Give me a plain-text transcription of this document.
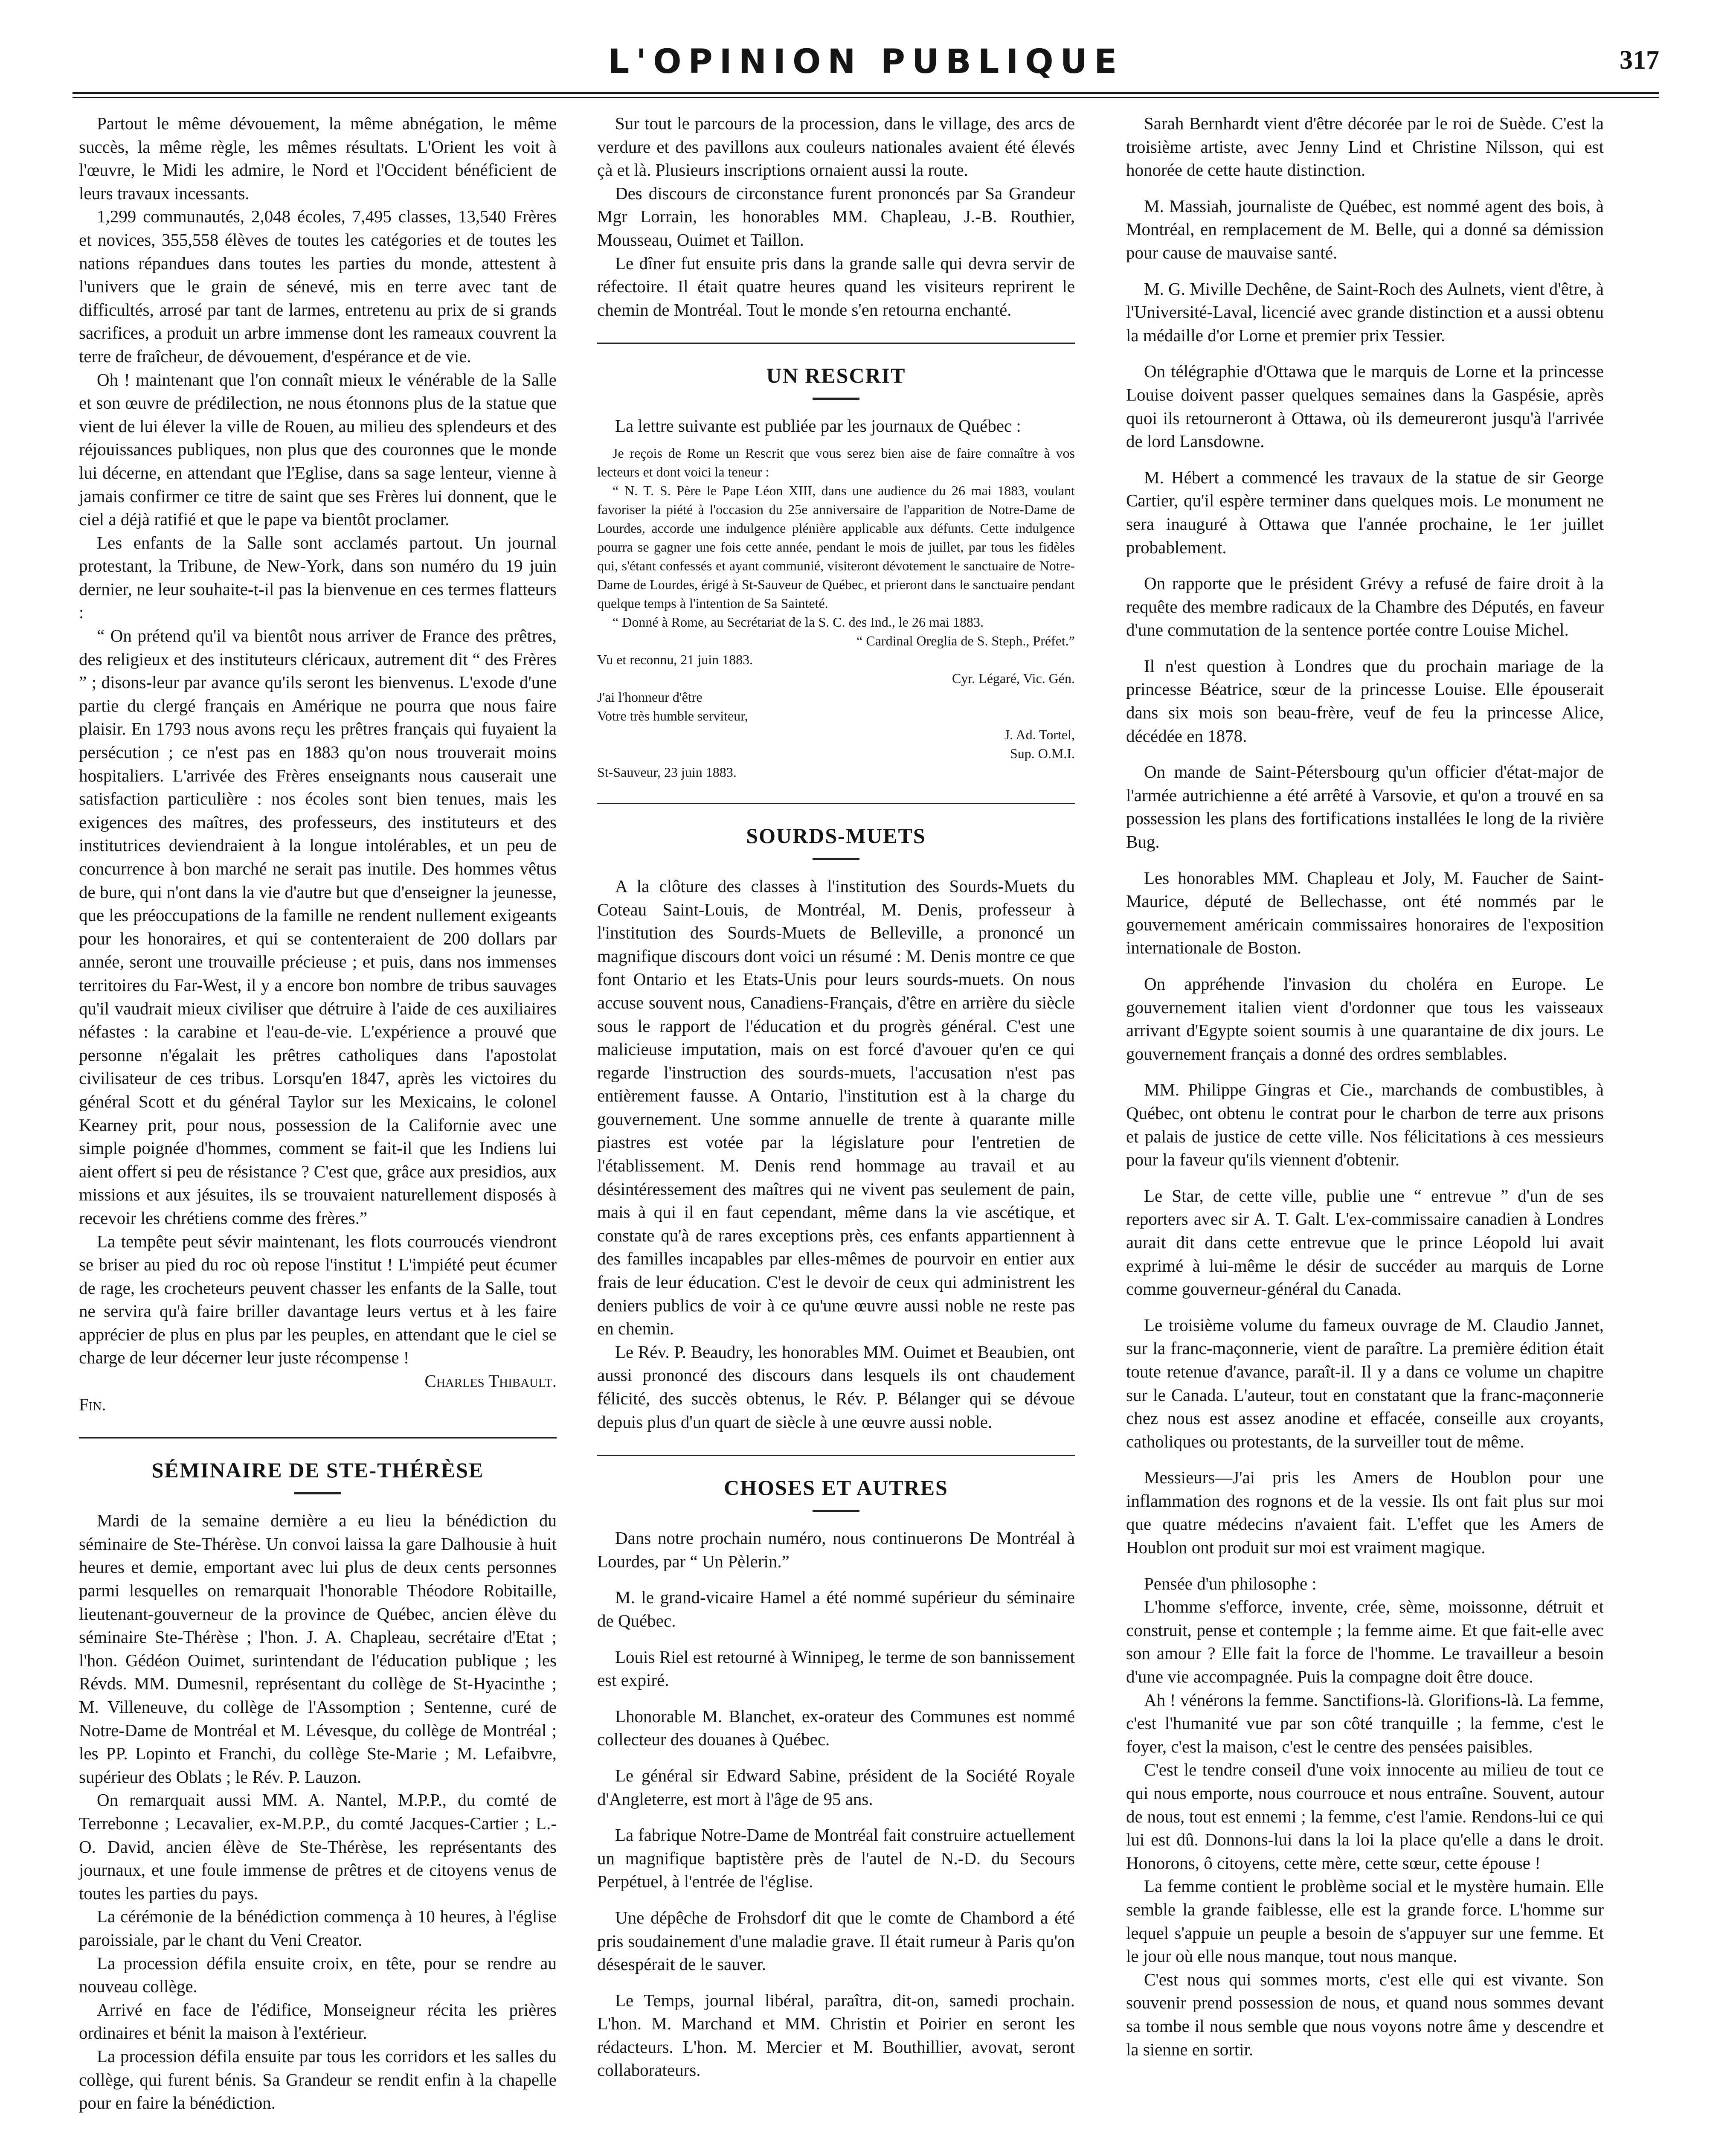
L'OPINION PUBLIQUE	317

Partout le même dévouement, la même abnégation, le même succès, la même règle, les mêmes résultats. L'Orient les voit à l'œuvre, le Midi les admire, le Nord et l'Occident bénéficient de leurs travaux incessants.

1,299 communautés, 2,048 écoles, 7,495 classes, 13,540 Frères et novices, 355,558 élèves de toutes les catégories et de toutes les nations répandues dans toutes les parties du monde, attestent à l'univers que le grain de sénevé, mis en terre avec tant de difficultés, arrosé par tant de larmes, entretenu au prix de si grands sacrifices, a produit un arbre immense dont les rameaux couvrent la terre de fraîcheur, de dévouement, d'espérance et de vie.

Oh ! maintenant que l'on connaît mieux le vénérable de la Salle et son œuvre de prédilection, ne nous étonnons plus de la statue que vient de lui élever la ville de Rouen, au milieu des splendeurs et des réjouissances publiques, non plus que des couronnes que le monde lui décerne, en attendant que l'Eglise, dans sa sage lenteur, vienne à jamais confirmer ce titre de saint que ses Frères lui donnent, que le ciel a déjà ratifié et que le pape va bientôt proclamer.

Les enfants de la Salle sont acclamés partout. Un journal protestant, la Tribune, de New-York, dans son numéro du 19 juin dernier, ne leur souhaite-t-il pas la bienvenue en ces termes flatteurs :

“ On prétend qu'il va bientôt nous arriver de France des prêtres, des religieux et des instituteurs cléricaux, autrement dit “ des Frères ” ; disons-leur par avance qu'ils seront les bienvenus. L'exode d'une partie du clergé français en Amérique ne pourra que nous faire plaisir. En 1793 nous avons reçu les prêtres français qui fuyaient la persécution ; ce n'est pas en 1883 qu'on nous trouverait moins hospitaliers. L'arrivée des Frères enseignants nous causerait une satisfaction particulière : nos écoles sont bien tenues, mais les exigences des maîtres, des professeurs, des instituteurs et des institutrices deviendraient à la longue intolérables, et un peu de concurrence à bon marché ne serait pas inutile. Des hommes vêtus de bure, qui n'ont dans la vie d'autre but que d'enseigner la jeunesse, que les préoccupations de la famille ne rendent nullement exigeants pour les honoraires, et qui se contenteraient de 200 dollars par année, seront une trouvaille précieuse ; et puis, dans nos immenses territoires du Far-West, il y a encore bon nombre de tribus sauvages qu'il vaudrait mieux civiliser que détruire à l'aide de ces auxiliaires néfastes : la carabine et l'eau-de-vie. L'expérience a prouvé que personne n'égalait les prêtres catholiques dans l'apostolat civilisateur de ces tribus. Lorsqu'en 1847, après les victoires du général Scott et du général Taylor sur les Mexicains, le colonel Kearney prit, pour nous, possession de la Californie avec une simple poignée d'hommes, comment se fait-il que les Indiens lui aient offert si peu de résistance ? C'est que, grâce aux presidios, aux missions et aux jésuites, ils se trouvaient naturellement disposés à recevoir les chrétiens comme des frères.”

La tempête peut sévir maintenant, les flots courroucés viendront se briser au pied du roc où repose l'institut ! L'impiété peut écumer de rage, les crocheteurs peuvent chasser les enfants de la Salle, tout ne servira qu'à faire briller davantage leurs vertus et à les faire apprécier de plus en plus par les peuples, en attendant que le ciel se charge de leur décerner leur juste récompense !

Charles Thibault.

Fin.

SÉMINAIRE DE STE-THÉRÈSE

Mardi de la semaine dernière a eu lieu la bénédiction du séminaire de Ste-Thérèse. Un convoi laissa la gare Dalhousie à huit heures et demie, emportant avec lui plus de deux cents personnes parmi lesquelles on remarquait l'honorable Théodore Robitaille, lieutenant-gouverneur de la province de Québec, ancien élève du séminaire Ste-Thérèse ; l'hon. J. A. Chapleau, secrétaire d'Etat ; l'hon. Gédéon Ouimet, surintendant de l'éducation publique ; les Révds. MM. Dumesnil, représentant du collège de St-Hyacinthe ; M. Villeneuve, du collège de l'Assomption ; Sentenne, curé de Notre-Dame de Montréal et M. Lévesque, du collège de Montréal ; les PP. Lopinto et Franchi, du collège Ste-Marie ; M. Lefaibvre, supérieur des Oblats ; le Rév. P. Lauzon.

On remarquait aussi MM. A. Nantel, M.P.P., du comté de Terrebonne ; Lecavalier, ex-M.P.P., du comté Jacques-Cartier ; L.-O. David, ancien élève de Ste-Thérèse, les représentants des journaux, et une foule immense de prêtres et de citoyens venus de toutes les parties du pays.

La cérémonie de la bénédiction commença à 10 heures, à l'église paroissiale, par le chant du Veni Creator.

La procession défila ensuite croix, en tête, pour se rendre au nouveau collège.

Arrivé en face de l'édifice, Monseigneur récita les prières ordinaires et bénit la maison à l'extérieur.

La procession défila ensuite par tous les corridors et les salles du collège, qui furent bénis. Sa Grandeur se rendit enfin à la chapelle pour en faire la bénédiction.

Sur tout le parcours de la procession, dans le village, des arcs de verdure et des pavillons aux couleurs nationales avaient été élevés çà et là. Plusieurs inscriptions ornaient aussi la route.

Des discours de circonstance furent prononcés par Sa Grandeur Mgr Lorrain, les honorables MM. Chapleau, J.-B. Routhier, Mousseau, Ouimet et Taillon.

Le dîner fut ensuite pris dans la grande salle qui devra servir de réfectoire. Il était quatre heures quand les visiteurs reprirent le chemin de Montréal. Tout le monde s'en retourna enchanté.

UN RESCRIT

La lettre suivante est publiée par les journaux de Québec :

Je reçois de Rome un Rescrit que vous serez bien aise de faire connaître à vos lecteurs et dont voici la teneur :

“ N. T. S. Père le Pape Léon XIII, dans une audience du 26 mai 1883, voulant favoriser la piété à l'occasion du 25e anniversaire de l'apparition de Notre-Dame de Lourdes, accorde une indulgence plénière applicable aux défunts. Cette indulgence pourra se gagner une fois cette année, pendant le mois de juillet, par tous les fidèles qui, s'étant confessés et ayant communié, visiteront dévotement le sanctuaire de Notre-Dame de Lourdes, érigé à St-Sauveur de Québec, et prieront dans le sanctuaire pendant quelque temps à l'intention de Sa Sainteté.

“ Donné à Rome, au Secrétariat de la S. C. des Ind., le 26 mai 1883.

“ Cardinal Oreglia de S. Steph., Préfet.”

Vu et reconnu, 21 juin 1883.

Cyr. Légaré, Vic. Gén.

J'ai l'honneur d'être

Votre très humble serviteur,

J. Ad. Tortel,

Sup. O.M.I.

St-Sauveur, 23 juin 1883.

SOURDS-MUETS

A la clôture des classes à l'institution des Sourds-Muets du Coteau Saint-Louis, de Montréal, M. Denis, professeur à l'institution des Sourds-Muets de Belleville, a prononcé un magnifique discours dont voici un résumé : M. Denis montre ce que font Ontario et les Etats-Unis pour leurs sourds-muets. On nous accuse souvent nous, Canadiens-Français, d'être en arrière du siècle sous le rapport de l'éducation et du progrès général. C'est une malicieuse imputation, mais on est forcé d'avouer qu'en ce qui regarde l'instruction des sourds-muets, l'accusation n'est pas entièrement fausse. A Ontario, l'institution est à la charge du gouvernement. Une somme annuelle de trente à quarante mille piastres est votée par la législature pour l'entretien de l'établissement. M. Denis rend hommage au travail et au désintéressement des maîtres qui ne vivent pas seulement de pain, mais à qui il en faut cependant, même dans la vie ascétique, et constate qu'à de rares exceptions près, ces enfants appartiennent à des familles incapables par elles-mêmes de pourvoir en entier aux frais de leur éducation. C'est le devoir de ceux qui administrent les deniers publics de voir à ce qu'une œuvre aussi noble ne reste pas en chemin.

Le Rév. P. Beaudry, les honorables MM. Ouimet et Beaubien, ont aussi prononcé des discours dans lesquels ils ont chaudement félicité, des succès obtenus, le Rév. P. Bélanger qui se dévoue depuis plus d'un quart de siècle à une œuvre aussi noble.

CHOSES ET AUTRES

Dans notre prochain numéro, nous continuerons De Montréal à Lourdes, par “ Un Pèlerin.”

M. le grand-vicaire Hamel a été nommé supérieur du séminaire de Québec.

Louis Riel est retourné à Winnipeg, le terme de son bannissement est expiré.

Lhonorable M. Blanchet, ex-orateur des Communes est nommé collecteur des douanes à Québec.

Le général sir Edward Sabine, président de la Société Royale d'Angleterre, est mort à l'âge de 95 ans.

La fabrique Notre-Dame de Montréal fait construire actuellement un magnifique baptistère près de l'autel de N.-D. du Secours Perpétuel, à l'entrée de l'église.

Une dépêche de Frohsdorf dit que le comte de Chambord a été pris soudainement d'une maladie grave. Il était rumeur à Paris qu'on désespérait de le sauver.

Le Temps, journal libéral, paraîtra, dit-on, samedi prochain. L'hon. M. Marchand et MM. Christin et Poirier en seront les rédacteurs. L'hon. M. Mercier et M. Bouthillier, avovat, seront collaborateurs.

Sarah Bernhardt vient d'être décorée par le roi de Suède. C'est la troisième artiste, avec Jenny Lind et Christine Nilsson, qui est honorée de cette haute distinction.

M. Massiah, journaliste de Québec, est nommé agent des bois, à Montréal, en remplacement de M. Belle, qui a donné sa démission pour cause de mauvaise santé.

M. G. Miville Dechêne, de Saint-Roch des Aulnets, vient d'être, à l'Université-Laval, licencié avec grande distinction et a aussi obtenu la médaille d'or Lorne et premier prix Tessier.

On télégraphie d'Ottawa que le marquis de Lorne et la princesse Louise doivent passer quelques semaines dans la Gaspésie, après quoi ils retourneront à Ottawa, où ils demeureront jusqu'à l'arrivée de lord Lansdowne.

M. Hébert a commencé les travaux de la statue de sir George Cartier, qu'il espère terminer dans quelques mois. Le monument ne sera inauguré à Ottawa que l'année prochaine, le 1er juillet probablement.

On rapporte que le président Grévy a refusé de faire droit à la requête des membre radicaux de la Chambre des Députés, en faveur d'une commutation de la sentence portée contre Louise Michel.

Il n'est question à Londres que du prochain mariage de la princesse Béatrice, sœur de la princesse Louise. Elle épouserait dans six mois son beau-frère, veuf de feu la princesse Alice, décédée en 1878.

On mande de Saint-Pétersbourg qu'un officier d'état-major de l'armée autrichienne a été arrêté à Varsovie, et qu'on a trouvé en sa possession les plans des fortifications installées le long de la rivière Bug.

Les honorables MM. Chapleau et Joly, M. Faucher de Saint-Maurice, député de Bellechasse, ont été nommés par le gouvernement américain commissaires honoraires de l'exposition internationale de Boston.

On appréhende l'invasion du choléra en Europe. Le gouvernement italien vient d'ordonner que tous les vaisseaux arrivant d'Egypte soient soumis à une quarantaine de dix jours. Le gouvernement français a donné des ordres semblables.

MM. Philippe Gingras et Cie., marchands de combustibles, à Québec, ont obtenu le contrat pour le charbon de terre aux prisons et palais de justice de cette ville. Nos félicitations à ces messieurs pour la faveur qu'ils viennent d'obtenir.

Le Star, de cette ville, publie une “ entrevue ” d'un de ses reporters avec sir A. T. Galt. L'ex-commissaire canadien à Londres aurait dit dans cette entrevue que le prince Léopold lui avait exprimé à lui-même le désir de succéder au marquis de Lorne comme gouverneur-général du Canada.

Le troisième volume du fameux ouvrage de M. Claudio Jannet, sur la franc-maçonnerie, vient de paraître. La première édition était toute retenue d'avance, paraît-il. Il y a dans ce volume un chapitre sur le Canada. L'auteur, tout en constatant que la franc-maçonnerie chez nous est assez anodine et effacée, conseille aux croyants, catholiques ou protestants, de la surveiller tout de même.

Messieurs—J'ai pris les Amers de Houblon pour une inflammation des rognons et de la vessie. Ils ont fait plus sur moi que quatre médecins n'avaient fait. L'effet que les Amers de Houblon ont produit sur moi est vraiment magique.

Pensée d'un philosophe :

L'homme s'efforce, invente, crée, sème, moissonne, détruit et construit, pense et contemple ; la femme aime. Et que fait-elle avec son amour ? Elle fait la force de l'homme. Le travailleur a besoin d'une vie accompagnée. Puis la compagne doit être douce.

Ah ! vénérons la femme. Sanctifions-là. Glorifions-là. La femme, c'est l'humanité vue par son côté tranquille ; la femme, c'est le foyer, c'est la maison, c'est le centre des pensées paisibles.

C'est le tendre conseil d'une voix innocente au milieu de tout ce qui nous emporte, nous courrouce et nous entraîne. Souvent, autour de nous, tout est ennemi ; la femme, c'est l'amie. Rendons-lui ce qui lui est dû. Donnons-lui dans la loi la place qu'elle a dans le droit. Honorons, ô citoyens, cette mère, cette sœur, cette épouse !

La femme contient le problème social et le mystère humain. Elle semble la grande faiblesse, elle est la grande force. L'homme sur lequel s'appuie un peuple a besoin de s'appuyer sur une femme. Et le jour où elle nous manque, tout nous manque.

C'est nous qui sommes morts, c'est elle qui est vivante. Son souvenir prend possession de nous, et quand nous sommes devant sa tombe il nous semble que nous voyons notre âme y descendre et la sienne en sortir.
